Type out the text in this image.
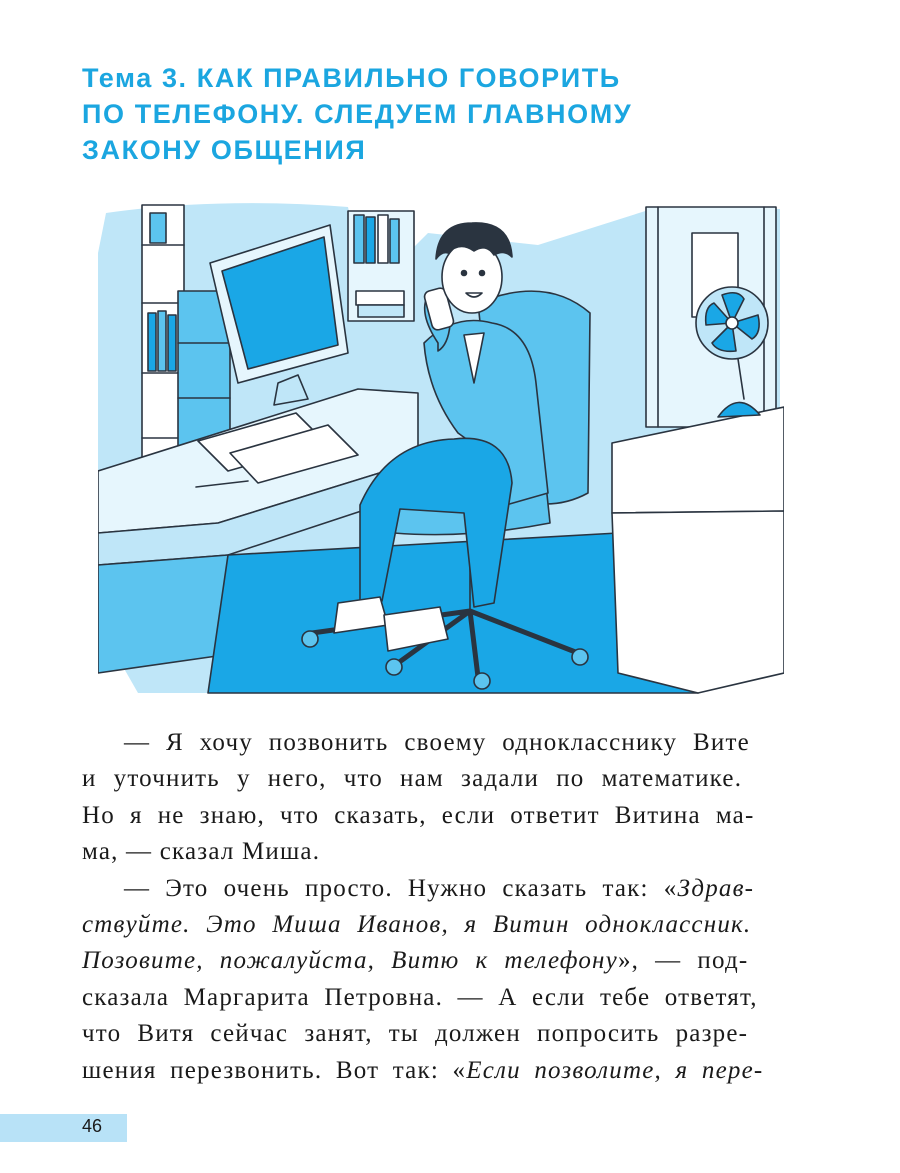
Тема 3. КАК ПРАВИЛЬНО ГОВОРИТЬ
ПО ТЕЛЕФОНУ. СЛЕДУЕМ ГЛАВНОМУ
ЗАКОНУ ОБЩЕНИЯ
— Я хочу позвонить своему однокласснику Вите
и уточнить у него, что нам задали по математике.
Но я не знаю, что сказать, если ответит Витина ма-
ма, — сказал Миша.
— Это очень просто. Нужно сказать так: «Здрав-
ствуйте. Это Миша Иванов, я Витин одноклассник.
Позовите, пожалуйста, Витю к телефону», — под-
сказала Маргарита Петровна. — А если тебе ответят,
что Витя сейчас занят, ты должен попросить разре-
шения перезвонить. Вот так: «Если позволите, я пере-
46
